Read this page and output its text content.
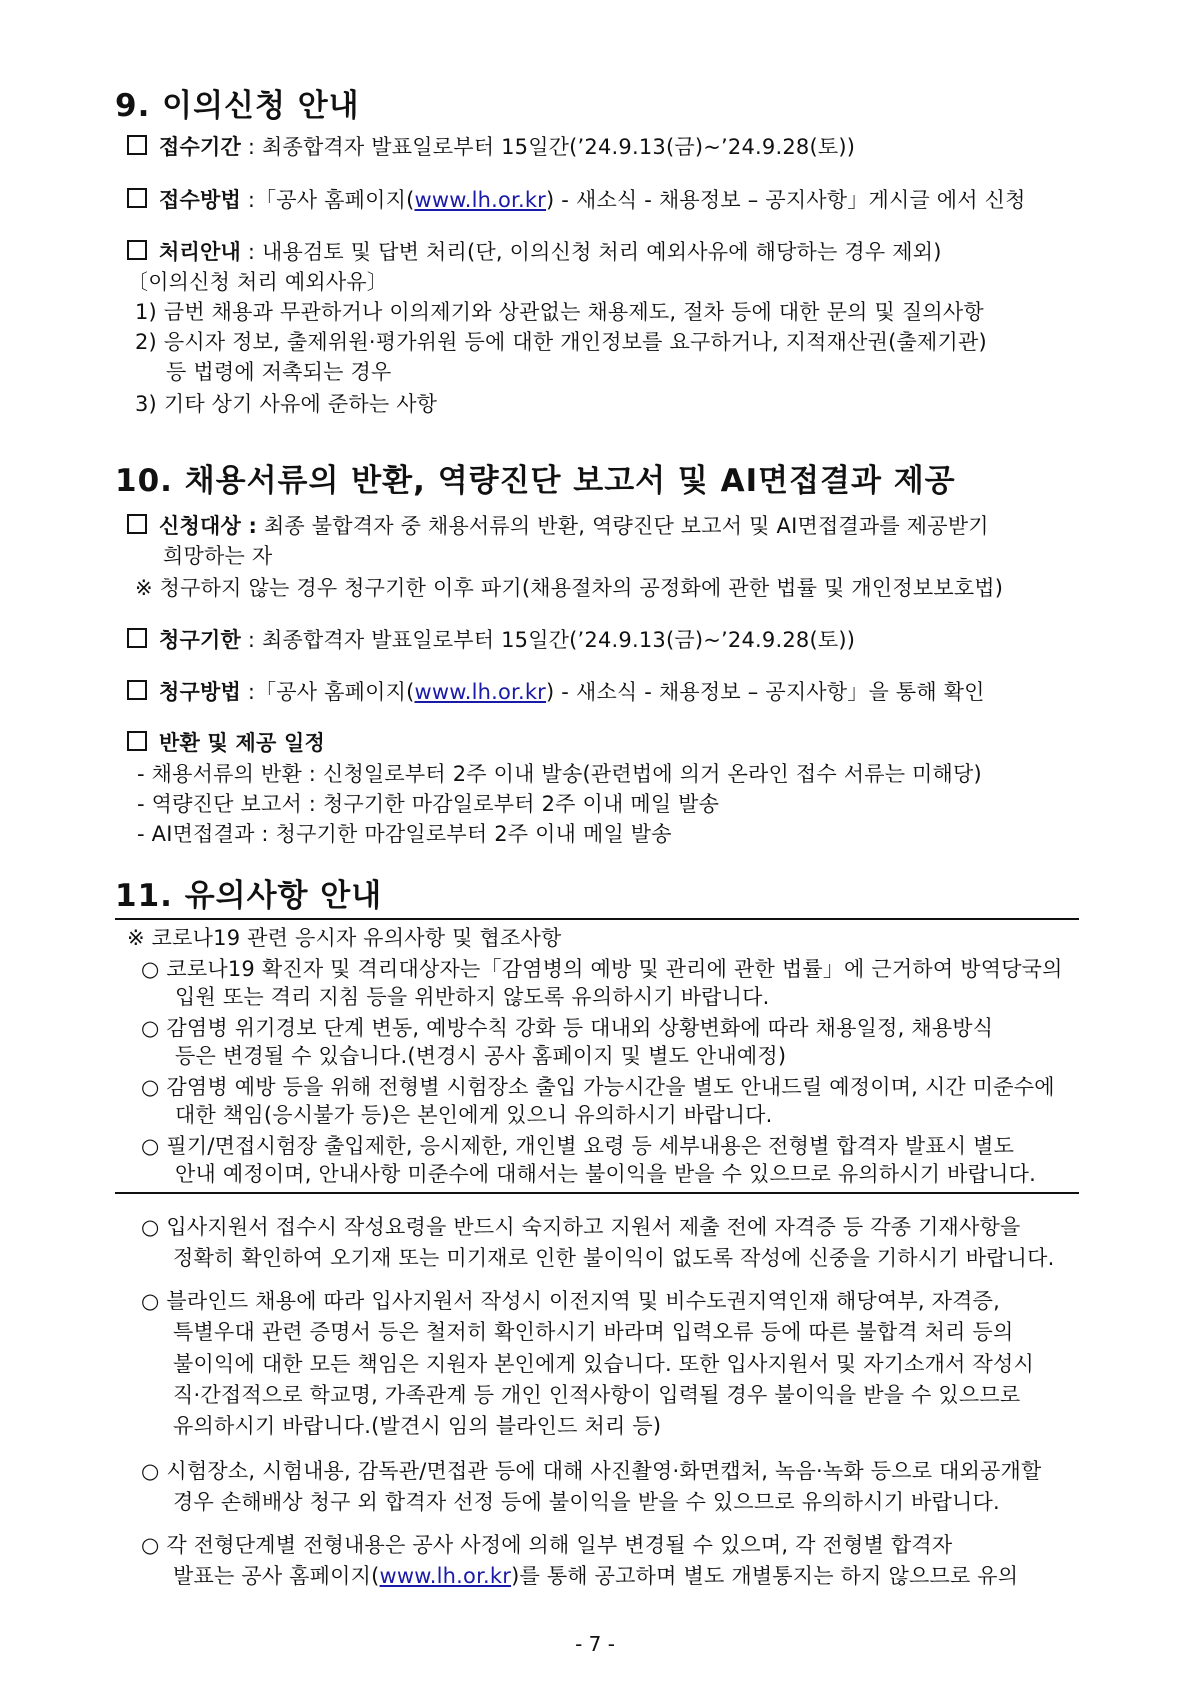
9. 이의신청 안내
접수기간 : 최종합격자 발표일로부터 15일간(’24.9.13(금)~’24.9.28(토))
접수방법 :「공사 홈페이지(www.lh.or.kr) - 새소식 - 채용정보 – 공지사항」게시글 에서 신청
처리안내 : 내용검토 및 답변 처리(단, 이의신청 처리 예외사유에 해당하는 경우 제외)
〔이의신청 처리 예외사유〕
1) 금번 채용과 무관하거나 이의제기와 상관없는 채용제도, 절차 등에 대한 문의 및 질의사항
2) 응시자 정보, 출제위원·평가위원 등에 대한 개인정보를 요구하거나, 지적재산권(출제기관)
등 법령에 저촉되는 경우
3) 기타 상기 사유에 준하는 사항
10. 채용서류의 반환, 역량진단 보고서 및 AI면접결과 제공
신청대상 : 최종 불합격자 중 채용서류의 반환, 역량진단 보고서 및 AI면접결과를 제공받기
희망하는 자
※ 청구하지 않는 경우 청구기한 이후 파기(채용절차의 공정화에 관한 법률 및 개인정보보호법)
청구기한 : 최종합격자 발표일로부터 15일간(’24.9.13(금)~’24.9.28(토))
청구방법 :「공사 홈페이지(www.lh.or.kr) - 새소식 - 채용정보 – 공지사항」을 통해 확인
반환 및 제공 일정
- 채용서류의 반환 : 신청일로부터 2주 이내 발송(관련법에 의거 온라인 접수 서류는 미해당)
- 역량진단 보고서 : 청구기한 마감일로부터 2주 이내 메일 발송
- AI면접결과 : 청구기한 마감일로부터 2주 이내 메일 발송
11. 유의사항 안내
※ 코로나19 관련 응시자 유의사항 및 협조사항
○ 코로나19 확진자 및 격리대상자는「감염병의 예방 및 관리에 관한 법률」에 근거하여 방역당국의
입원 또는 격리 지침 등을 위반하지 않도록 유의하시기 바랍니다.
○ 감염병 위기경보 단계 변동, 예방수칙 강화 등 대내외 상황변화에 따라 채용일정, 채용방식
등은 변경될 수 있습니다.(변경시 공사 홈페이지 및 별도 안내예정)
○ 감염병 예방 등을 위해 전형별 시험장소 출입 가능시간을 별도 안내드릴 예정이며, 시간 미준수에
대한 책임(응시불가 등)은 본인에게 있으니 유의하시기 바랍니다.
○ 필기/면접시험장 출입제한, 응시제한, 개인별 요령 등 세부내용은 전형별 합격자 발표시 별도
안내 예정이며, 안내사항 미준수에 대해서는 불이익을 받을 수 있으므로 유의하시기 바랍니다.
○ 입사지원서 접수시 작성요령을 반드시 숙지하고 지원서 제출 전에 자격증 등 각종 기재사항을
정확히 확인하여 오기재 또는 미기재로 인한 불이익이 없도록 작성에 신중을 기하시기 바랍니다.
○ 블라인드 채용에 따라 입사지원서 작성시 이전지역 및 비수도권지역인재 해당여부, 자격증,
특별우대 관련 증명서 등은 철저히 확인하시기 바라며 입력오류 등에 따른 불합격 처리 등의
불이익에 대한 모든 책임은 지원자 본인에게 있습니다. 또한 입사지원서 및 자기소개서 작성시
직·간접적으로 학교명, 가족관계 등 개인 인적사항이 입력될 경우 불이익을 받을 수 있으므로
유의하시기 바랍니다.(발견시 임의 블라인드 처리 등)
○ 시험장소, 시험내용, 감독관/면접관 등에 대해 사진촬영·화면캡처, 녹음·녹화 등으로 대외공개할
경우 손해배상 청구 외 합격자 선정 등에 불이익을 받을 수 있으므로 유의하시기 바랍니다.
○ 각 전형단계별 전형내용은 공사 사정에 의해 일부 변경될 수 있으며, 각 전형별 합격자
발표는 공사 홈페이지(www.lh.or.kr)를 통해 공고하며 별도 개별통지는 하지 않으므로 유의
- 7 -
